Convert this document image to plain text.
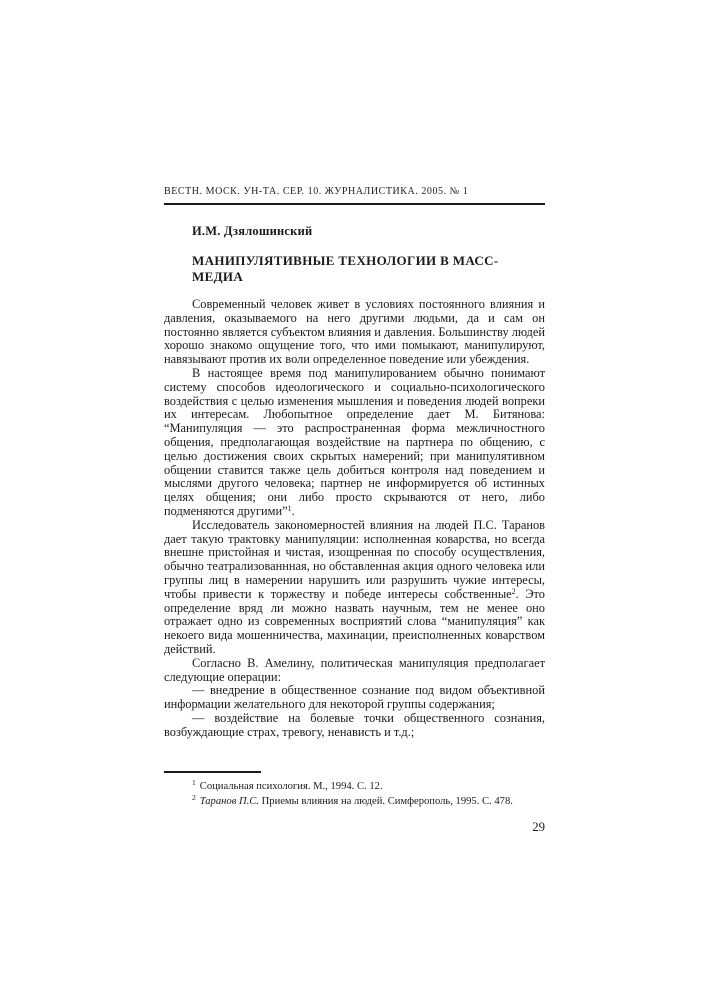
ВЕСТН. МОСК. УН-ТА. СЕР. 10. ЖУРНАЛИСТИКА. 2005. № 1
И.М. Дзялошинский
МАНИПУЛЯТИВНЫЕ ТЕХНОЛОГИИ В МАСС-МЕДИА

Современный человек живет в условиях постоянного влияния и давления, оказываемого на него другими людьми, да и сам он постоянно является субъектом влияния и давления. Большинству людей хорошо знакомо ощущение того, что ими помыкают, манипулируют, навязывают против их воли определенное поведение или убеждения.

В настоящее время под манипулированием обычно понимают систему способов идеологического и социально-психологического воздействия с целью изменения мышления и поведения людей вопреки их интересам. Любопытное определение дает М. Битянова: “Манипуляция — это распространенная форма межличностного общения, предполагающая воздействие на партнера по общению, с целью достижения своих скрытых намерений; при манипулятивном общении ставится также цель добиться контроля над поведением и мыслями другого человека; партнер не информируется об истинных целях общения; они либо просто скрываются от него, либо подменяются другими”$^1$.

Исследователь закономерностей влияния на людей П.С. Таранов дает такую трактовку манипуляции: исполненная коварства, но всегда внешне пристойная и чистая, изощренная по способу осуществления, обычно театрализованнная, но обставленная акция одного человека или группы лиц в намерении нарушить или разрушить чужие интересы, чтобы привести к торжеству и победе интересы собственные$^2$. Это определение вряд ли можно назвать научным, тем не менее оно отражает одно из современных восприятий слова “манипуляция” как некоего вида мошенничества, махинации, преисполненных коварством действий.

Согласно В. Амелину, политическая манипуляция предполагает следующие операции:

— внедрение в общественное сознание под видом объективной информации желательного для некоторой группы содержания;

— воздействие на болевые точки общественного сознания, возбуждающие страх, тревогу, ненависть и т.д.;

$^1$ Социальная психология. М., 1994. С. 12.

$^2$ Таранов П.С. Приемы влияния на людей. Симферополь, 1995. С. 478.

29
